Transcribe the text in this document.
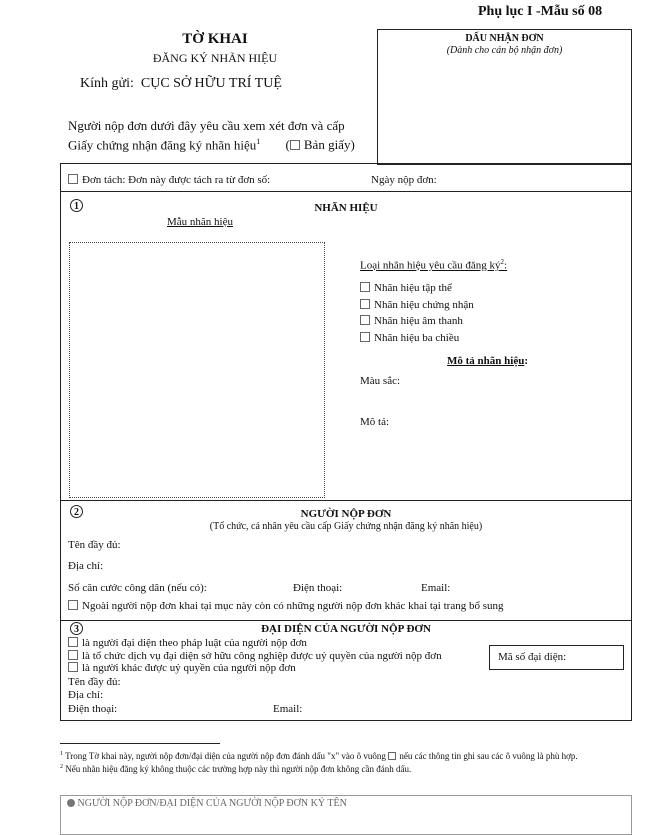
Phụ lục I -Mẫu số 08
TỜ KHAI
ĐĂNG KÝ NHÃN HIỆU
Kính gửi: CỤC SỞ HỮU TRÍ TUỆ
Người nộp đơn dưới đây yêu cầu xem xét đơn và cấp
Giấy chứng nhận đăng ký nhãn hiệu$^1$ ( Bản giấy)
DẤU NHẬN ĐƠN
(Dành cho cán bộ nhận đơn)
Đơn tách: Đơn này được tách ra từ đơn số:	Ngày nộp đơn:
1	NHÃN HIỆU
Mẫu nhãn hiệu
Loại nhãn hiệu yêu cầu đăng $ký^2$:
Nhãn hiệu tập thể
Nhãn hiệu chứng nhận
Nhãn hiệu âm thanh
Nhãn hiệu ba chiều
Mô tả nhãn hiệu:
Màu sắc:
Mô tả:
2	NGƯỜI NỘP ĐƠN
(Tổ chức, cá nhân yêu cầu cấp Giấy chứng nhận đăng ký nhãn hiệu)
Tên đầy đủ:
Địa chỉ:
Số căn cước công dân (nếu có):	Điện thoại:	Email:
Ngoài người nộp đơn khai tại mục này còn có những người nộp đơn khác khai tại trang bổ sung
3	ĐẠI DIỆN CỦA NGƯỜI NỘP ĐƠN
là người đại diện theo pháp luật của người nộp đơn
là tổ chức dịch vụ đại diện sở hữu công nghiệp được uỷ quyền của người nộp đơn
là người khác được uỷ quyền của người nộp đơn
Mã số đại diện:
Tên đầy đủ:
Địa chỉ:
Điện thoại:	Email:
$^1$ Trong Tờ khai này, người nộp đơn/đại diện của người nộp đơn đánh dấu "x" vào ô vuông nếu các thông tin ghi sau các ô vuông là phù hợp.
$^2$ Nếu nhãn hiệu đăng ký không thuộc các trường hợp này thì người nộp đơn không cần đánh dấu.
NGƯỜI NỘP ĐƠN/ĐẠI DIỆN CỦA NGƯỜI NỘP ĐƠN KÝ TÊN
